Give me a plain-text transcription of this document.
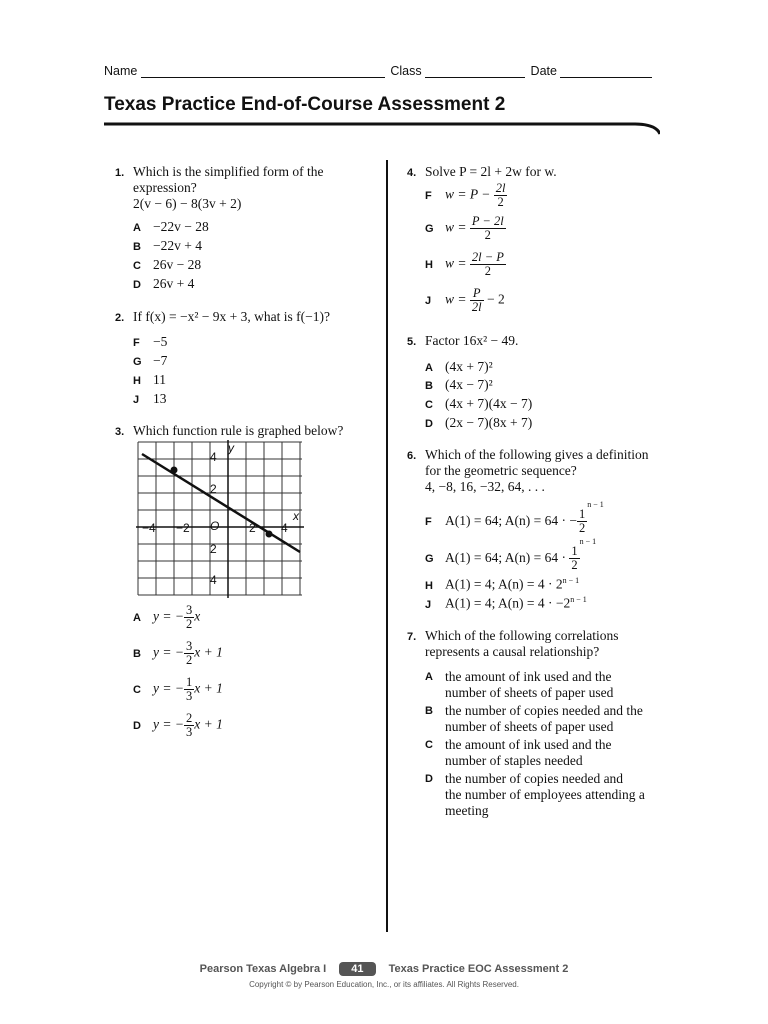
Name	Class	Date
Texas Practice End-of-Course Assessment 2
1. Which is the simplified form of the
expression?
2(v − 6) − 8(3v + 2)
A −22v − 28
B −22v + 4
C 26v − 28
D 26v + 4
2. If f(x) = −x² − 9x + 3, what is f(−1)?
F −5
G −7
H 11
J 13
3. Which function rule is graphed below?
y
x
O
4
2
2
4
−4 −2	2 4
A y = − $\frac{3}{2}$ x
B y = − $\frac{3}{2}$ x + 1
C y = − $\frac{1}{3}$ x + 1
D y = − $\frac{2}{3}$ x + 1
4. Solve P = 2l + 2w for w.
F $w = P - \frac{2l}{2}$
G $w = \frac{P - 2l}{2}$
H $w = \frac{2l - P}{2}$
J $w = \frac{P}{2l} - 2$
5. Factor 16x² − 49.
A (4x + 7)²
B (4x − 7)²
C (4x + 7)(4x − 7)
D (2x − 7)(8x + 7)
6. Which of the following gives a definition
for the geometric sequence?
4, −8, 16, −32, 64, . . .
F A(1) = 64; A(n) = 64 · − $\frac{1}{2}$
$^{n - 1}$
G A(1) = 64; $A(n) = 64 \cdot \frac{1}{2}$
$^{n - 1}$
H A(1) = 4; $A(n) = 4 \cdot 2^{n - 1}$
J A(1) = 4; $A(n) = 4 \cdot -2^{n - 1}$
7. Which of the following correlations
represents a causal relationship?
A the amount of ink used and the
number of sheets of paper used
B the number of copies needed and the
number of sheets of paper used
C the amount of ink used and the
number of staples needed
D the number of copies needed and
the number of employees attending a
meeting
Pearson Texas Algebra I 41 Texas Practice EOC Assessment 2
Copyright © by Pearson Education, Inc., or its affiliates. All Rights Reserved.
